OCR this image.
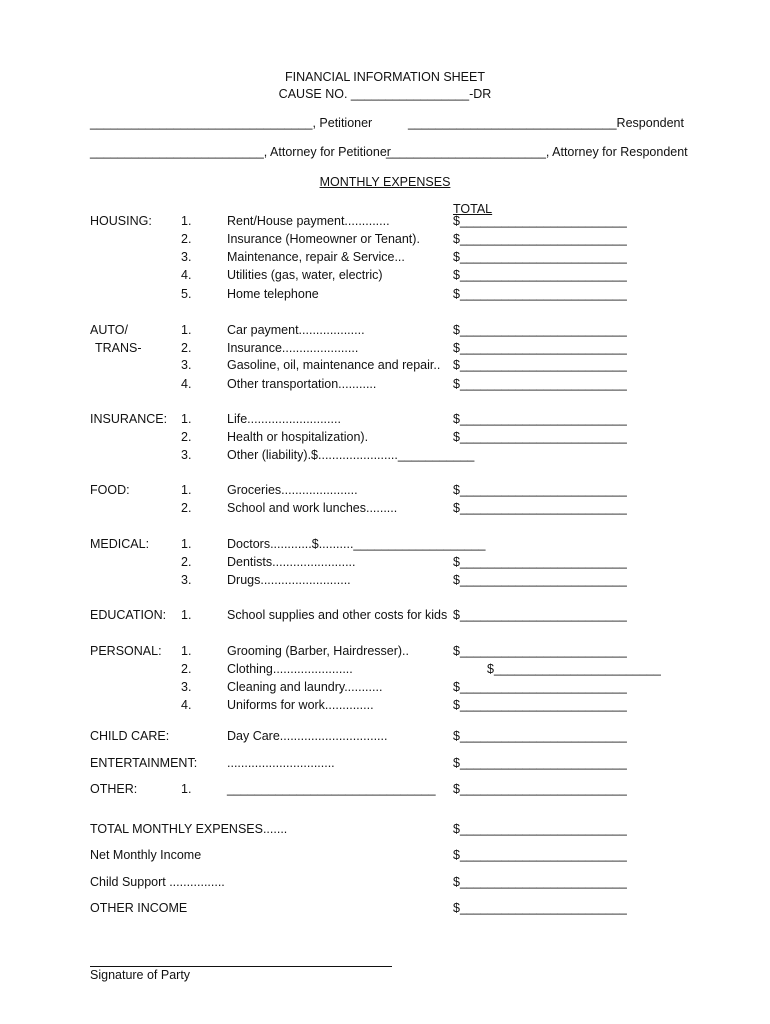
FINANCIAL INFORMATION SHEET
CAUSE NO. _________________-DR
________________________________, Petitioner	______________________________Respondent
_________________________, Attorney for Petitioner
_______________________, Attorney for Respondent
MONTHLY EXPENSES
TOTAL
HOUSING: 1.	Rent/House payment.............	$________________________
2.	Insurance (Homeowner or Tenant).	$________________________
3.	Maintenance, repair & Service...	$________________________
4.	Utilities (gas, water, electric)	$________________________
5.	Home telephone	$________________________
AUTO/
TRANS-
1.	Car payment...................	$________________________
2.	Insurance......................	$________________________
3.	Gasoline, oil, maintenance and repair.. $________________________
4.	Other transportation...........	$________________________
INSURANCE: 1.	Life...........................	$________________________
2.	Health or hospitalization).	$________________________
3.	Other (liability).$.......................___________
FOOD:	1.	Groceries......................	$________________________
2.	School and work lunches.........	$________________________
MEDICAL:	1.	Doctors............$..........___________________
2.	Dentists........................	$________________________
3.	Drugs..........................	$________________________
EDUCATION: 1.	School supplies and other costs for kids $________________________
PERSONAL: 1.	Grooming (Barber, Hairdresser)..	$________________________
2.	Clothing.......................	$________________________
3.	Cleaning and laundry...........	$________________________
4.	Uniforms for work..............	$________________________
CHILD CARE:	Day Care...............................	$________________________
ENTERTAINMENT: ...............................	$________________________
OTHER:	1.	______________________________ $________________________
TOTAL MONTHLY EXPENSES.......	$________________________
Net Monthly Income	$________________________
Child Support ................	$________________________
OTHER INCOME	$________________________
Signature of Party
